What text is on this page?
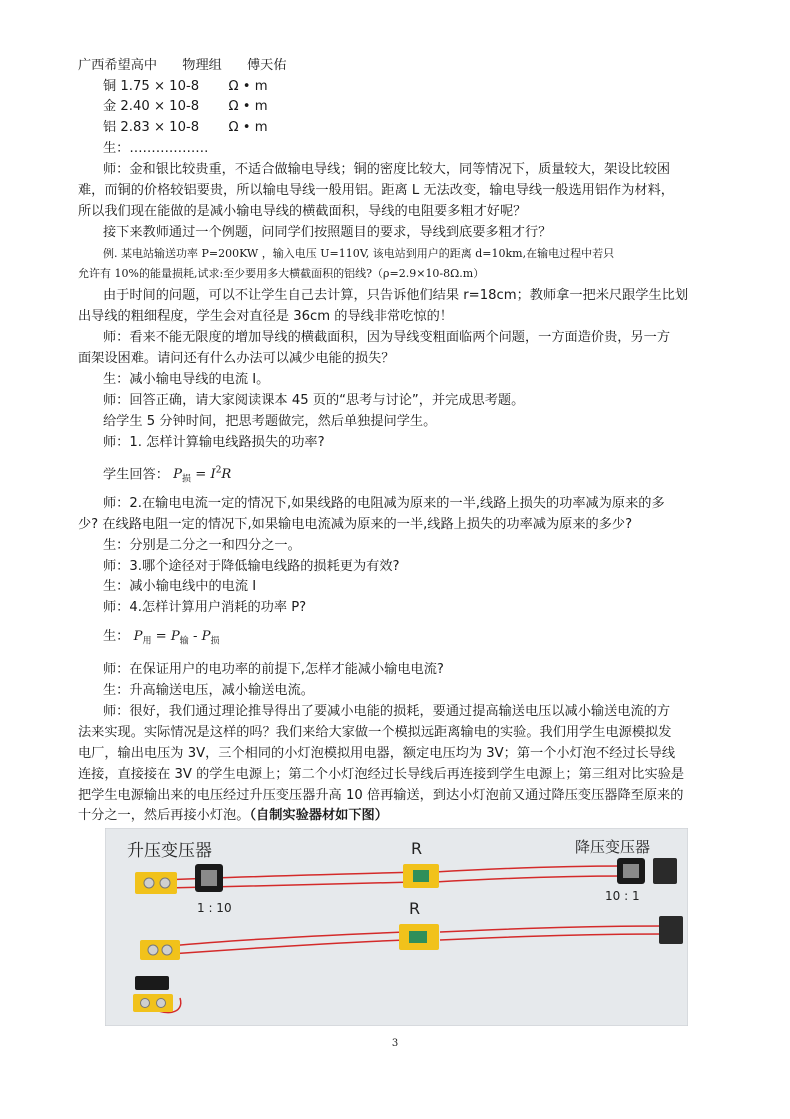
广西希望高中 物理组 傅天佑
铜 1.75 × 10-8 Ω • m
金 2.40 × 10-8 Ω • m
铝 2.83 × 10-8 Ω • m
生：………………
师：金和银比较贵重，不适合做输电导线；铜的密度比较大，同等情况下，质量较大，架设比较困
难，而铜的价格较铝要贵，所以输电导线一般用铝。距离 L 无法改变，输电导线一般选用铝作为材料，
所以我们现在能做的是减小输电导线的横截面积，导线的电阻要多粗才好呢？
接下来教师通过一个例题，问同学们按照题目的要求，导线到底要多粗才行？
例. 某电站输送功率 P=200KW ，输入电压 U=110V, 该电站到用户的距离 d=10km,在输电过程中若只
允许有 10%的能量损耗,试求:至少要用多大横截面积的铝线?（ρ=2.9×10-8Ω.m）
由于时间的问题，可以不让学生自己去计算，只告诉他们结果 r=18cm；教师拿一把米尺跟学生比划
出导线的粗细程度，学生会对直径是 36cm 的导线非常吃惊的！
师：看来不能无限度的增加导线的横截面积，因为导线变粗面临两个问题，一方面造价贵，另一方
面架设困难。请问还有什么办法可以减少电能的损失？
生：减小输电导线的电流 I。
师：回答正确，请大家阅读课本 45 页的“思考与讨论”，并完成思考题。
给学生 5 分钟时间，把思考题做完，然后单独提问学生。
师：1. 怎样计算输电线路损失的功率?
学生回答： $P_损 = I^2R$
师：2.在输电电流一定的情况下,如果线路的电阻减为原来的一半,线路上损失的功率减为原来的多
少? 在线路电阻一定的情况下,如果输电电流减为原来的一半,线路上损失的功率减为原来的多少?
生：分别是二分之一和四分之一。
师：3.哪个途径对于降低输电线路的损耗更为有效?
生：减小输电线中的电流 I
师：4.怎样计算用户消耗的功率 P?
生： $P_用 = P_输 - P_损$
师：在保证用户的电功率的前提下,怎样才能减小输电电流?
生：升高输送电压，减小输送电流。
师：很好，我们通过理论推导得出了要减小电能的损耗，要通过提高输送电压以减小输送电流的方
法来实现。实际情况是这样的吗？我们来给大家做一个模拟远距离输电的实验。我们用学生电源模拟发
电厂，输出电压为 3V，三个相同的小灯泡模拟用电器，额定电压均为 3V；第一个小灯泡不经过长导线
连接，直接接在 3V 的学生电源上；第二个小灯泡经过长导线后再连接到学生电源上；第三组对比实验是
把学生电源输出来的电压经过升压变压器升高 10 倍再输送，到达小灯泡前又通过降压变压器降至原来的
十分之一，然后再接小灯泡。（自制实验器材如下图）
升压变压器	降压变压器
1 : 10
10 : 1
R
R
3
